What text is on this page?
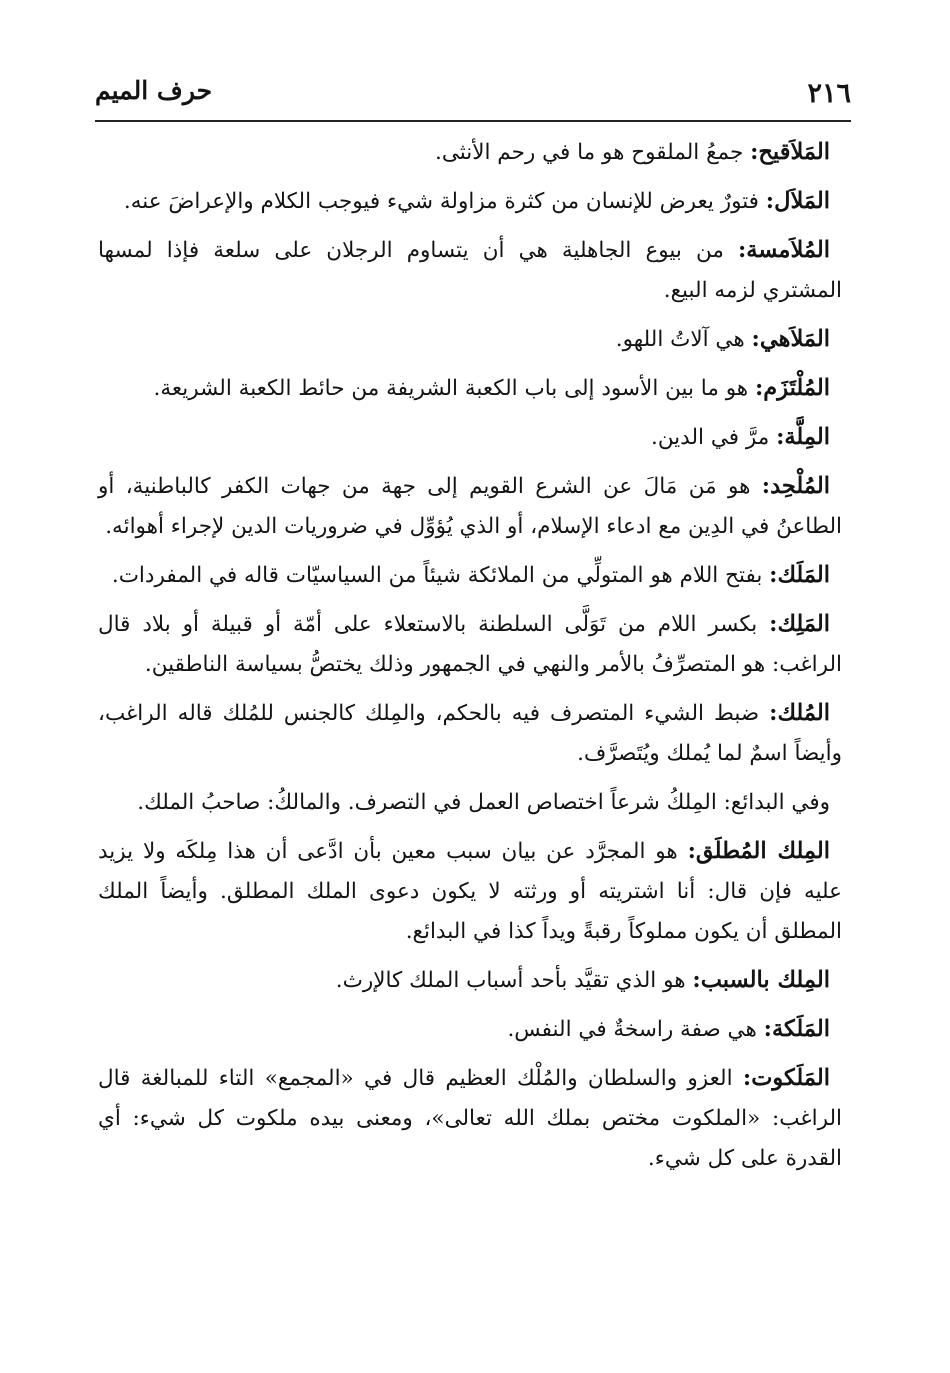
٢١٦
حرف الميم

المَلاَقيح: جمعُ الملقوح هو ما في رحم الأنثى.

المَلاَل: فتورٌ يعرض للإنسان من كثرة مزاولة شيء فيوجب الكلام والإعراضَ عنه.

المُلاَمسة: من بيوع الجاهلية هي أن يتساوم الرجلان على سلعة فإذا لمسها المشتري لزمه البيع.

المَلاَهي: هي آلاتُ اللهو.

المُلْتَزَم: هو ما بين الأسود إلى باب الكعبة الشريفة من حائط الكعبة الشريعة.

المِلَّة: مرَّ في الدين.

المُلْحِد: هو مَن مَالَ عن الشرع القويم إلى جهة من جهات الكفر كالباطنية، أو الطاعنُ في الدِين مع ادعاء الإسلام، أو الذي يُؤوِّل في ضروريات الدين لإجراء أهوائه.

المَلَك: بفتح اللام هو المتولِّي من الملائكة شيئاً من السياسيّات قاله في المفردات.

المَلِك: بكسر اللام من تَوَلَّى السلطنة بالاستعلاء على أمّة أو قبيلة أو بلاد قال الراغب: هو المتصرِّفُ بالأمر والنهي في الجمهور وذلك يختصُّ بسياسة الناطقين.

المُلك: ضبط الشيء المتصرف فيه بالحكم، والمِلك كالجنس للمُلك قاله الراغب، وأيضاً اسمٌ لما يُملك ويُتَصرَّف.

وفي البدائع: المِلكُ شرعاً اختصاص العمل في التصرف. والمالكُ: صاحبُ الملك.

المِلك المُطلَق: هو المجرَّد عن بيان سبب معين بأن ادَّعى أن هذا مِلكَه ولا يزيد عليه فإن قال: أنا اشتريته أو ورثته لا يكون دعوى الملك المطلق. وأيضاً الملك المطلق أن يكون مملوكاً رقبةً ويداً كذا في البدائع.

المِلك بالسبب: هو الذي تقيَّد بأحد أسباب الملك كالإرث.

المَلَكة: هي صفة راسخةٌ في النفس.

المَلَكوت: العزو والسلطان والمُلْك العظيم قال في «المجمع» التاء للمبالغة قال الراغب: «الملكوت مختص بملك الله تعالى»، ومعنى بيده ملكوت كل شيء: أي القدرة على كل شيء.
